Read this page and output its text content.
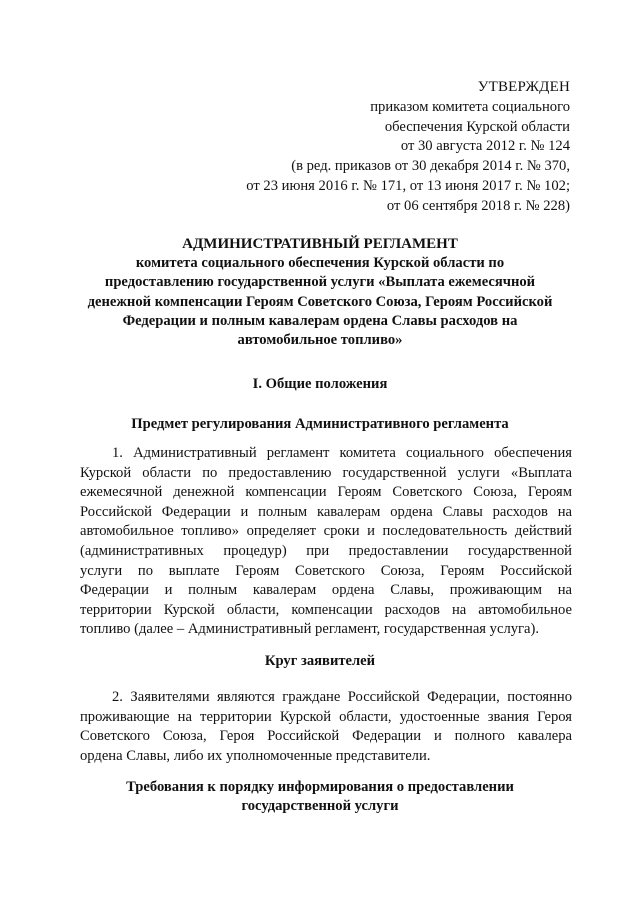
УТВЕРЖДЕН
приказом комитета социального
обеспечения Курской области
от 30 августа 2012 г. № 124
(в ред. приказов от 30 декабря 2014 г. № 370,
от 23 июня 2016 г. № 171, от 13 июня 2017 г. № 102;
от 06 сентября 2018 г. № 228)
АДМИНИСТРАТИВНЫЙ РЕГЛАМЕНТ
комитета социального обеспечения Курской области по
предоставлению государственной услуги «Выплата ежемесячной
денежной компенсации Героям Советского Союза, Героям Российской
Федерации и полным кавалерам ордена Славы расходов на
автомобильное топливо»
I. Общие положения
Предмет регулирования Административного регламента
1. Административный регламент комитета социального обеспечения
Курской области по предоставлению государственной услуги «Выплата
ежемесячной денежной компенсации Героям Советского Союза, Героям
Российской Федерации и полным кавалерам ордена Славы расходов на
автомобильное топливо» определяет сроки и последовательность действий
(административных процедур) при предоставлении государственной
услуги по выплате Героям Советского Союза, Героям Российской
Федерации и полным кавалерам ордена Славы, проживающим на
территории Курской области, компенсации расходов на автомобильное
топливо (далее – Административный регламент, государственная услуга).
Круг заявителей
2. Заявителями являются граждане Российской Федерации, постоянно
проживающие на территории Курской области, удостоенные звания Героя
Советского Союза, Героя Российской Федерации и полного кавалера
ордена Славы, либо их уполномоченные представители.
Требования к порядку информирования о предоставлении
государственной услуги
